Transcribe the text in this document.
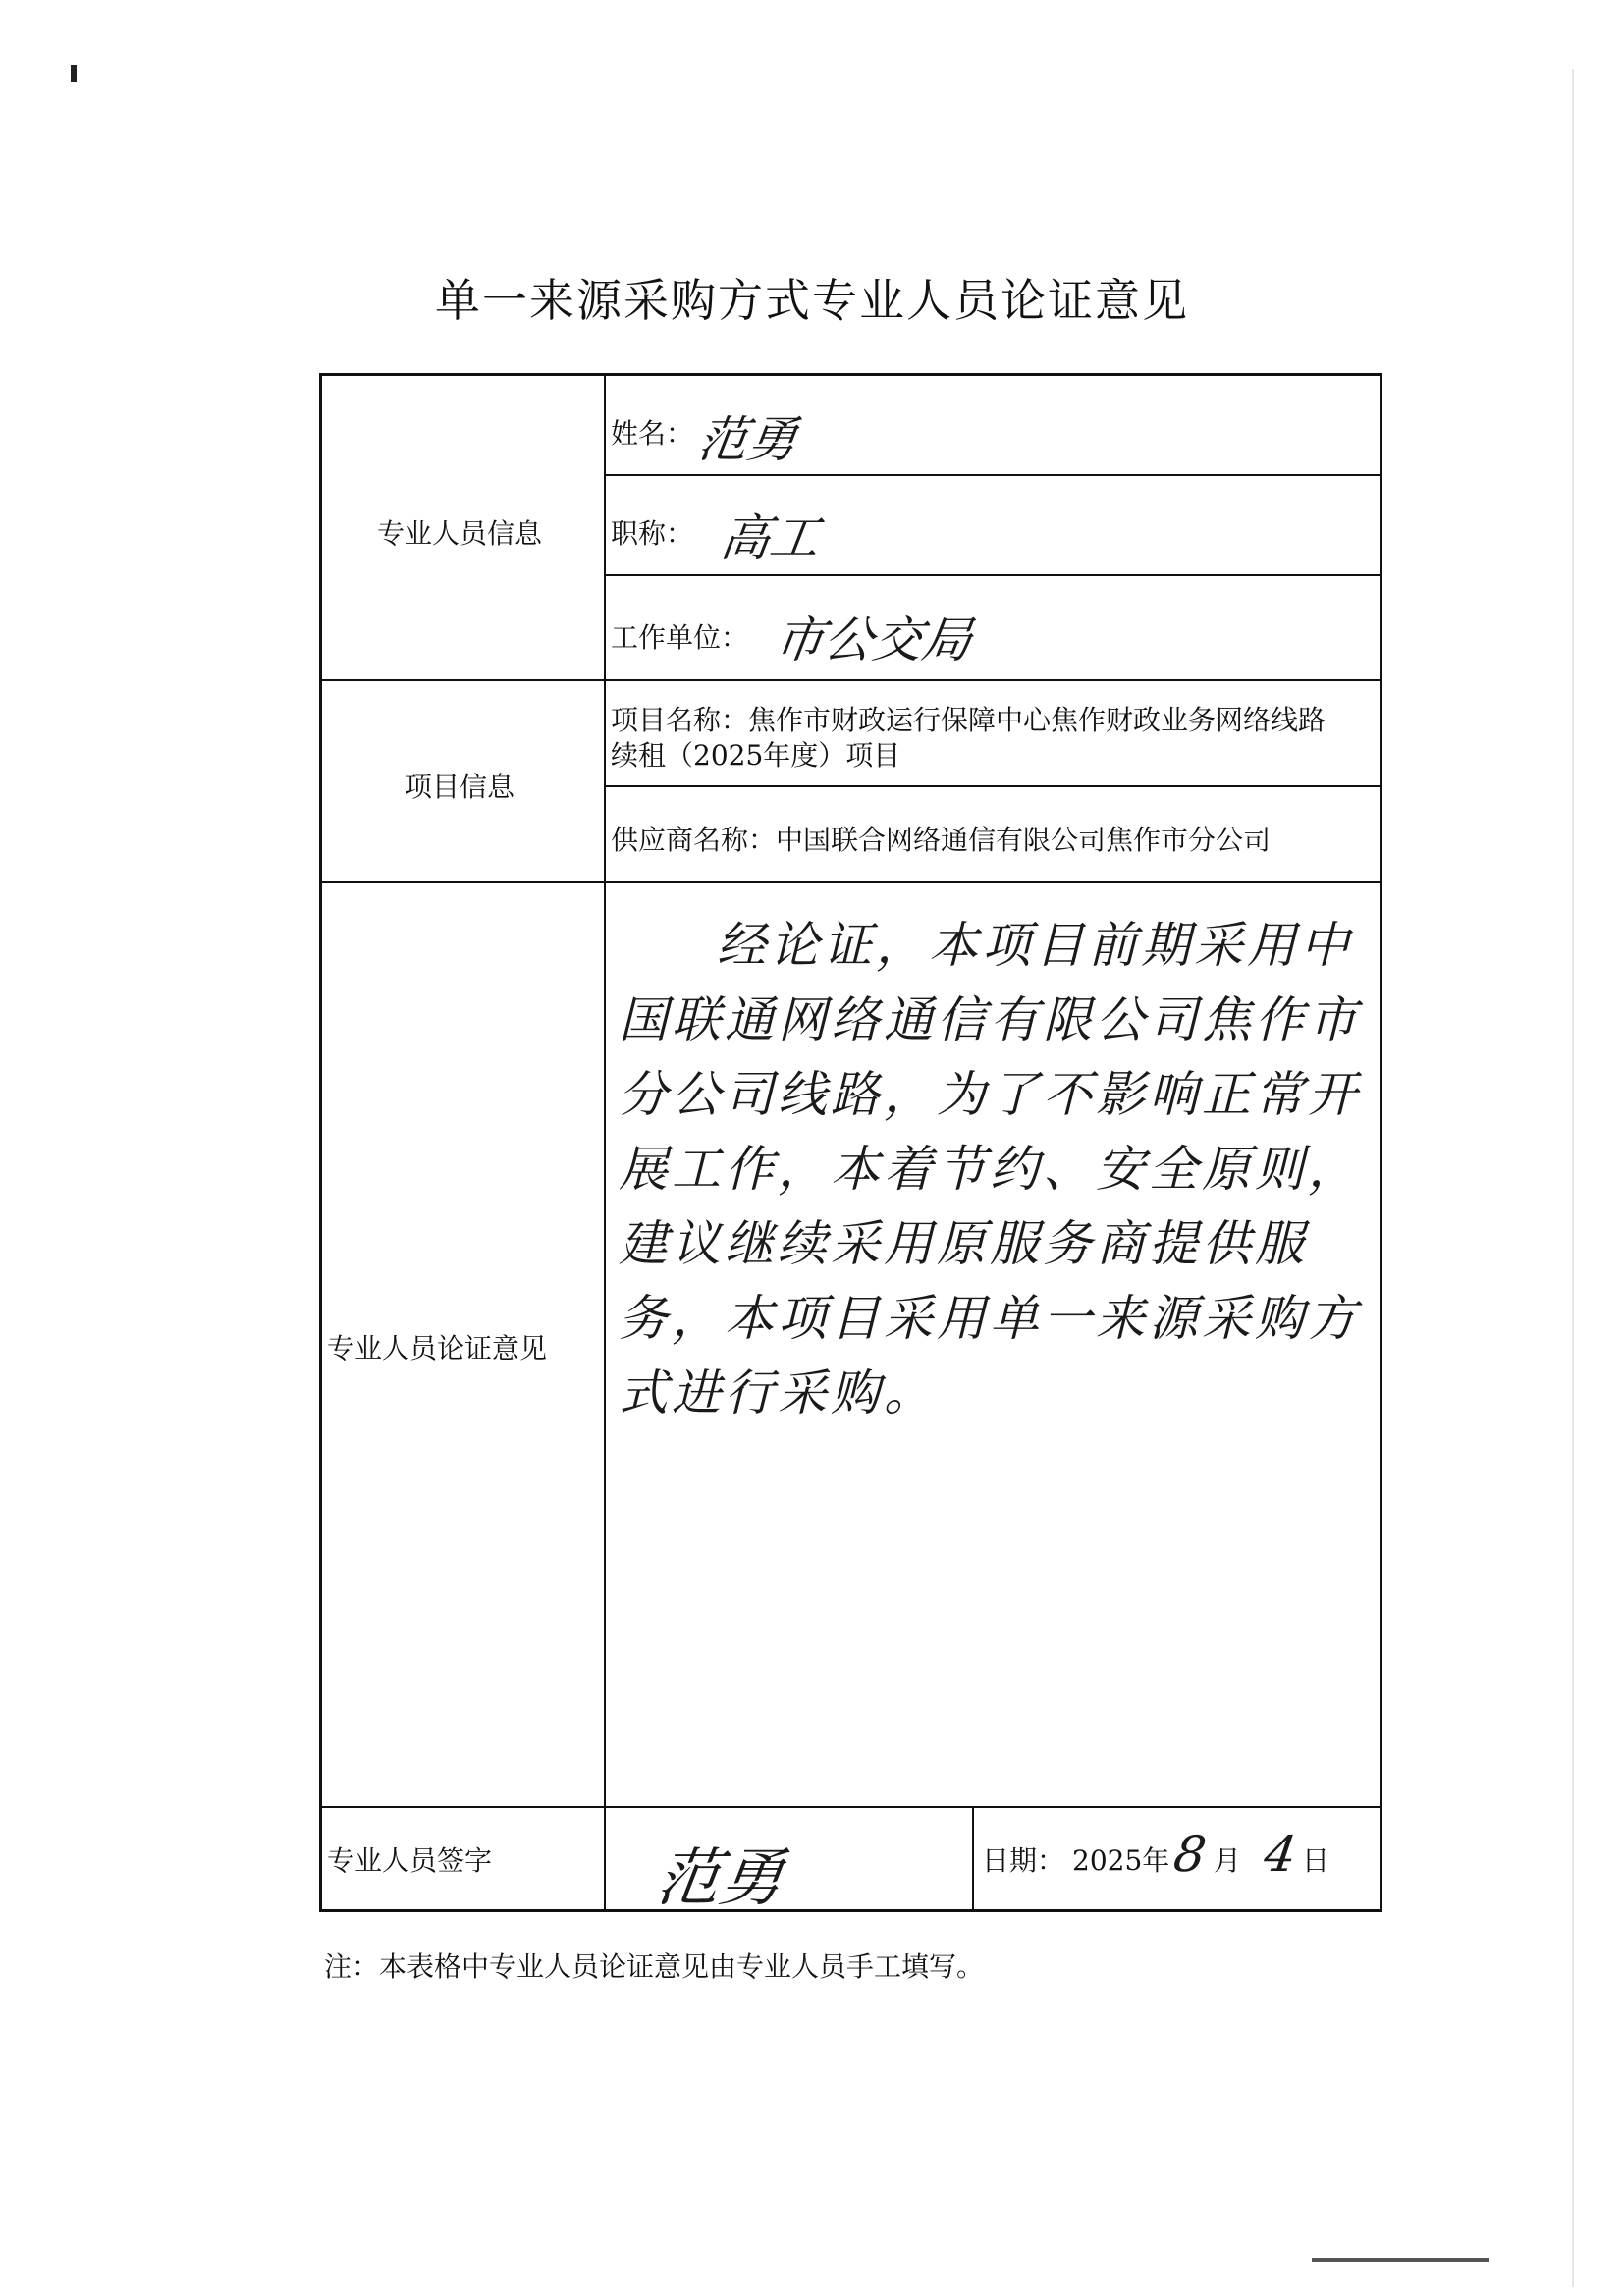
单一来源采购方式专业人员论证意见
专业人员信息
项目信息
专业人员论证意见
专业人员签字
姓名： 范勇
职称： 高工
工作单位： 市公交局
项目名称：焦作市财政运行保障中心焦作财政业务网络线路
续租（2025年度）项目
供应商名称：中国联合网络通信有限公司焦作市分公司
经论证，本项目前期采用中国联通网络通信有限公司焦作市分公司线路，为了不影响正常开展工作，本着节约、安全原则，建议继续采用原服务商提供服务，本项目采用单一来源采购方式进行采购。
范勇	日期： 2025年 8 月 4 日
注：本表格中专业人员论证意见由专业人员手工填写。
